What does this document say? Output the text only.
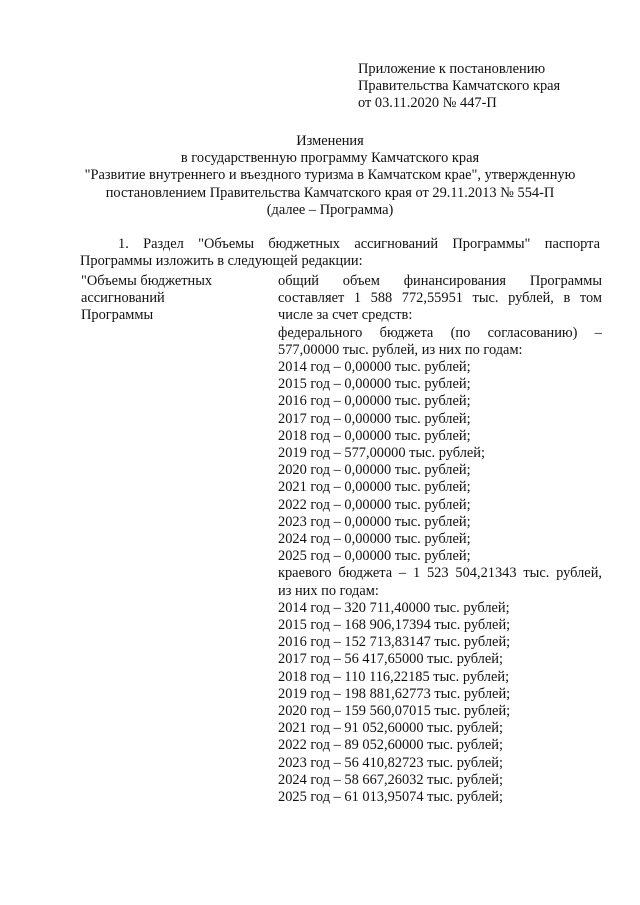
Приложение к постановлению
Правительства Камчатского края
от 03.11.2020 № 447-П
Изменения
в государственную программу Камчатского края
"Развитие внутреннего и въездного туризма в Камчатском крае", утвержденную
постановлением Правительства Камчатского края от 29.11.2013 № 554-П
(далее – Программа)
1. Раздел "Объемы бюджетных ассигнований Программы" паспорта
Программы изложить в следующей редакции:
"Объемы бюджетных
ассигнований
Программы
общий объем финансирования Программы
составляет 1 588 772,55951 тыс. рублей, в том
числе за счет средств:
федерального бюджета (по согласованию) –
577,00000 тыс. рублей, из них по годам:
2014 год – 0,00000 тыс. рублей;
2015 год – 0,00000 тыс. рублей;
2016 год – 0,00000 тыс. рублей;
2017 год – 0,00000 тыс. рублей;
2018 год – 0,00000 тыс. рублей;
2019 год – 577,00000 тыс. рублей;
2020 год – 0,00000 тыс. рублей;
2021 год – 0,00000 тыс. рублей;
2022 год – 0,00000 тыс. рублей;
2023 год – 0,00000 тыс. рублей;
2024 год – 0,00000 тыс. рублей;
2025 год – 0,00000 тыс. рублей;
краевого бюджета – 1 523 504,21343 тыс. рублей,
из них по годам:
2014 год – 320 711,40000 тыс. рублей;
2015 год – 168 906,17394 тыс. рублей;
2016 год – 152 713,83147 тыс. рублей;
2017 год – 56 417,65000 тыс. рублей;
2018 год – 110 116,22185 тыс. рублей;
2019 год – 198 881,62773 тыс. рублей;
2020 год – 159 560,07015 тыс. рублей;
2021 год – 91 052,60000 тыс. рублей;
2022 год – 89 052,60000 тыс. рублей;
2023 год – 56 410,82723 тыс. рублей;
2024 год – 58 667,26032 тыс. рублей;
2025 год – 61 013,95074 тыс. рублей;
